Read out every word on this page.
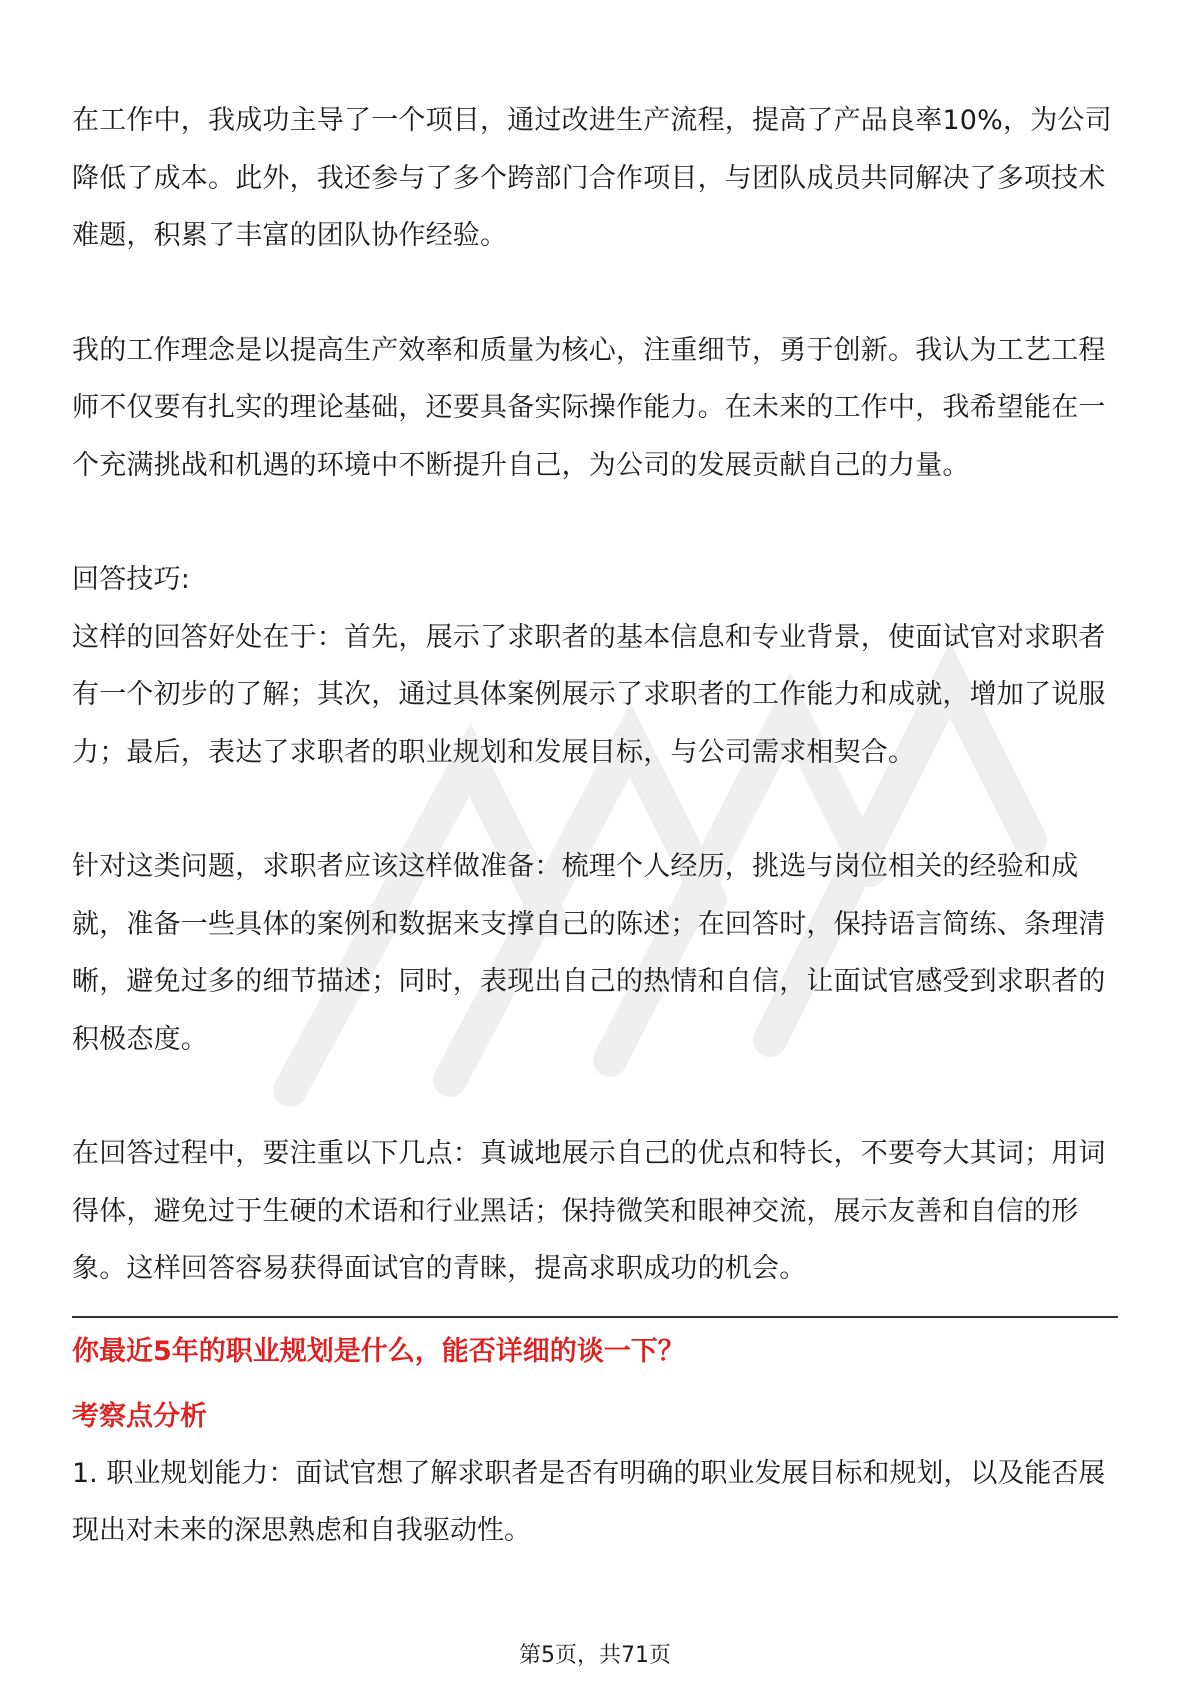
在工作中，我成功主导了一个项目，通过改进生产流程，提高了产品良率10%，为公司降低了成本。此外，我还参与了多个跨部门合作项目，与团队成员共同解决了多项技术难题，积累了丰富的团队协作经验。

我的工作理念是以提高生产效率和质量为核心，注重细节，勇于创新。我认为工艺工程师不仅要有扎实的理论基础，还要具备实际操作能力。在未来的工作中，我希望能在一个充满挑战和机遇的环境中不断提升自己，为公司的发展贡献自己的力量。

回答技巧:

这样的回答好处在于：首先，展示了求职者的基本信息和专业背景，使面试官对求职者有一个初步的了解；其次，通过具体案例展示了求职者的工作能力和成就，增加了说服力；最后，表达了求职者的职业规划和发展目标，与公司需求相契合。

针对这类问题，求职者应该这样做准备：梳理个人经历，挑选与岗位相关的经验和成就，准备一些具体的案例和数据来支撑自己的陈述；在回答时，保持语言简练、条理清晰，避免过多的细节描述；同时，表现出自己的热情和自信，让面试官感受到求职者的积极态度。

在回答过程中，要注重以下几点：真诚地展示自己的优点和特长，不要夸大其词；用词得体，避免过于生硬的术语和行业黑话；保持微笑和眼神交流，展示友善和自信的形象。这样回答容易获得面试官的青睐，提高求职成功的机会。

你最近5年的职业规划是什么，能否详细的谈一下？

考察点分析

1. 职业规划能力：面试官想了解求职者是否有明确的职业发展目标和规划，以及能否展现出对未来的深思熟虑和自我驱动性。

第5页，共71页
